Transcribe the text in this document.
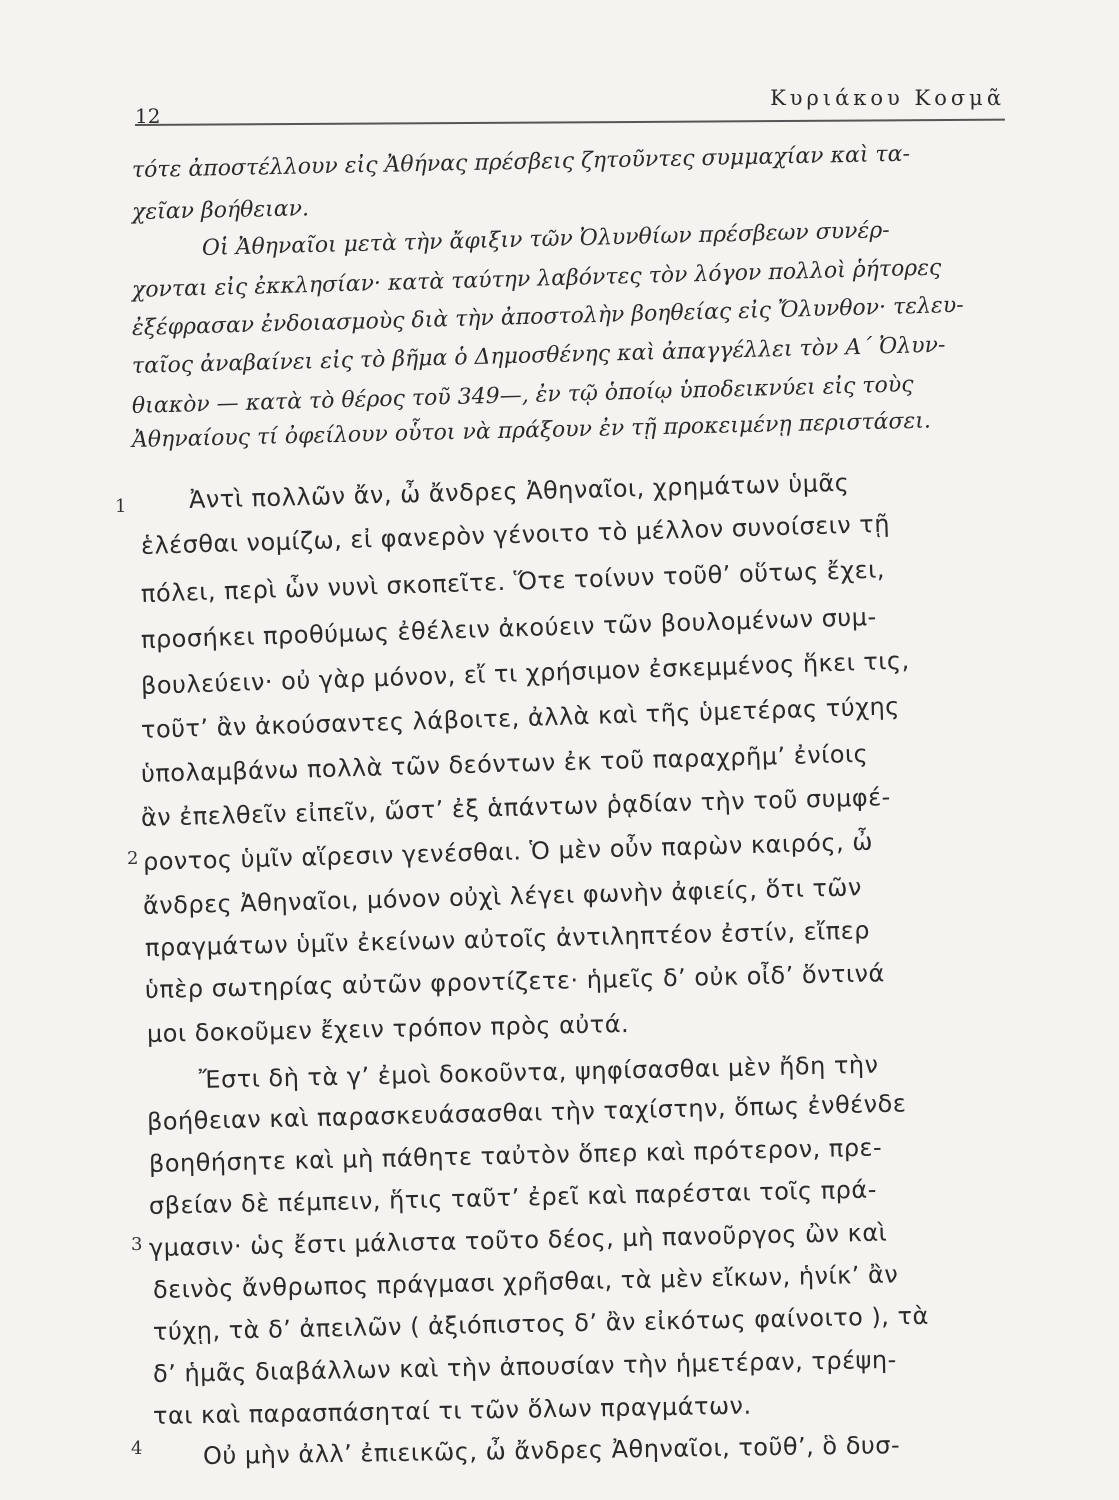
12
Κυριάκου Κοσμᾶ
τότε ἀποστέλλουν εἰς Ἀθήνας πρέσβεις ζητοῦντες συμμαχίαν καὶ τα-
χεῖαν βοήθειαν.
Οἱ Ἀθηναῖοι μετὰ τὴν ἄφιξιν τῶν Ὀλυνθίων πρέσβεων συνέρ-
χονται εἰς ἐκκλησίαν· κατὰ ταύτην λαβόντες τὸν λόγον πολλοὶ ῥήτορες
ἐξέφρασαν ἐνδοιασμοὺς διὰ τὴν ἀποστολὴν βοηθείας εἰς Ὄλυνθον· τελευ-
ταῖος ἀναβαίνει εἰς τὸ βῆμα ὁ Δημοσθένης καὶ ἀπαγγέλλει τὸν Α΄ Ὀλυν-
θιακὸν — κατὰ τὸ θέρος τοῦ 349—, ἐν τῷ ὁποίῳ ὑποδεικνύει εἰς τοὺς
Ἀθηναίους τί ὀφείλουν οὗτοι νὰ πράξουν ἐν τῇ προκειμένῃ περιστάσει.
1
2
3
4
Ἀντὶ πολλῶν ἄν, ὦ ἄνδρες Ἀθηναῖοι, χρημάτων ὑμᾶς
ἑλέσθαι νομίζω, εἰ φανερὸν γένοιτο τὸ μέλλον συνοίσειν τῇ
πόλει, περὶ ὧν νυνὶ σκοπεῖτε. Ὅτε τοίνυν τοῦθ’ οὕτως ἔχει,
προσήκει προθύμως ἐθέλειν ἀκούειν τῶν βουλομένων συμ-
βουλεύειν· οὐ γὰρ μόνον, εἴ τι χρήσιμον ἐσκεμμένος ἥκει τις,
τοῦτ’ ἂν ἀκούσαντες λάβοιτε, ἀλλὰ καὶ τῆς ὑμετέρας τύχης
ὑπολαμβάνω πολλὰ τῶν δεόντων ἐκ τοῦ παραχρῆμ’ ἐνίοις
ἂν ἐπελθεῖν εἰπεῖν, ὥστ’ ἐξ ἁπάντων ῥᾳδίαν τὴν τοῦ συμφέ-
ροντος ὑμῖν αἵρεσιν γενέσθαι. Ὁ μὲν οὖν παρὼν καιρός, ὦ
ἄνδρες Ἀθηναῖοι, μόνον οὐχὶ λέγει φωνὴν ἀφιείς, ὅτι τῶν
πραγμάτων ὑμῖν ἐκείνων αὐτοῖς ἀντιληπτέον ἐστίν, εἴπερ
ὑπὲρ σωτηρίας αὐτῶν φροντίζετε· ἡμεῖς δ’ οὐκ οἶδ’ ὅντινά
μοι δοκοῦμεν ἔχειν τρόπον πρὸς αὐτά.
Ἔστι δὴ τὰ γ’ ἐμοὶ δοκοῦντα, ψηφίσασθαι μὲν ἤδη τὴν
βοήθειαν καὶ παρασκευάσασθαι τὴν ταχίστην, ὅπως ἐνθένδε
βοηθήσητε καὶ μὴ πάθητε ταὐτὸν ὅπερ καὶ πρότερον, πρε-
σβείαν δὲ πέμπειν, ἥτις ταῦτ’ ἐρεῖ καὶ παρέσται τοῖς πρά-
γμασιν· ὡς ἔστι μάλιστα τοῦτο δέος, μὴ πανοῦργος ὢν καὶ
δεινὸς ἄνθρωπος πράγμασι χρῆσθαι, τὰ μὲν εἴκων, ἡνίκ’ ἂν
τύχῃ, τὰ δ’ ἀπειλῶν ( ἀξιόπιστος δ’ ἂν εἰκότως φαίνοιτο ), τὰ
δ’ ἡμᾶς διαβάλλων καὶ τὴν ἀπουσίαν τὴν ἡμετέραν, τρέψη-
ται καὶ παρασπάσηταί τι τῶν ὅλων πραγμάτων.
Οὐ μὴν ἀλλ’ ἐπιεικῶς, ὦ ἄνδρες Ἀθηναῖοι, τοῦθ’, ὃ δυσ-
